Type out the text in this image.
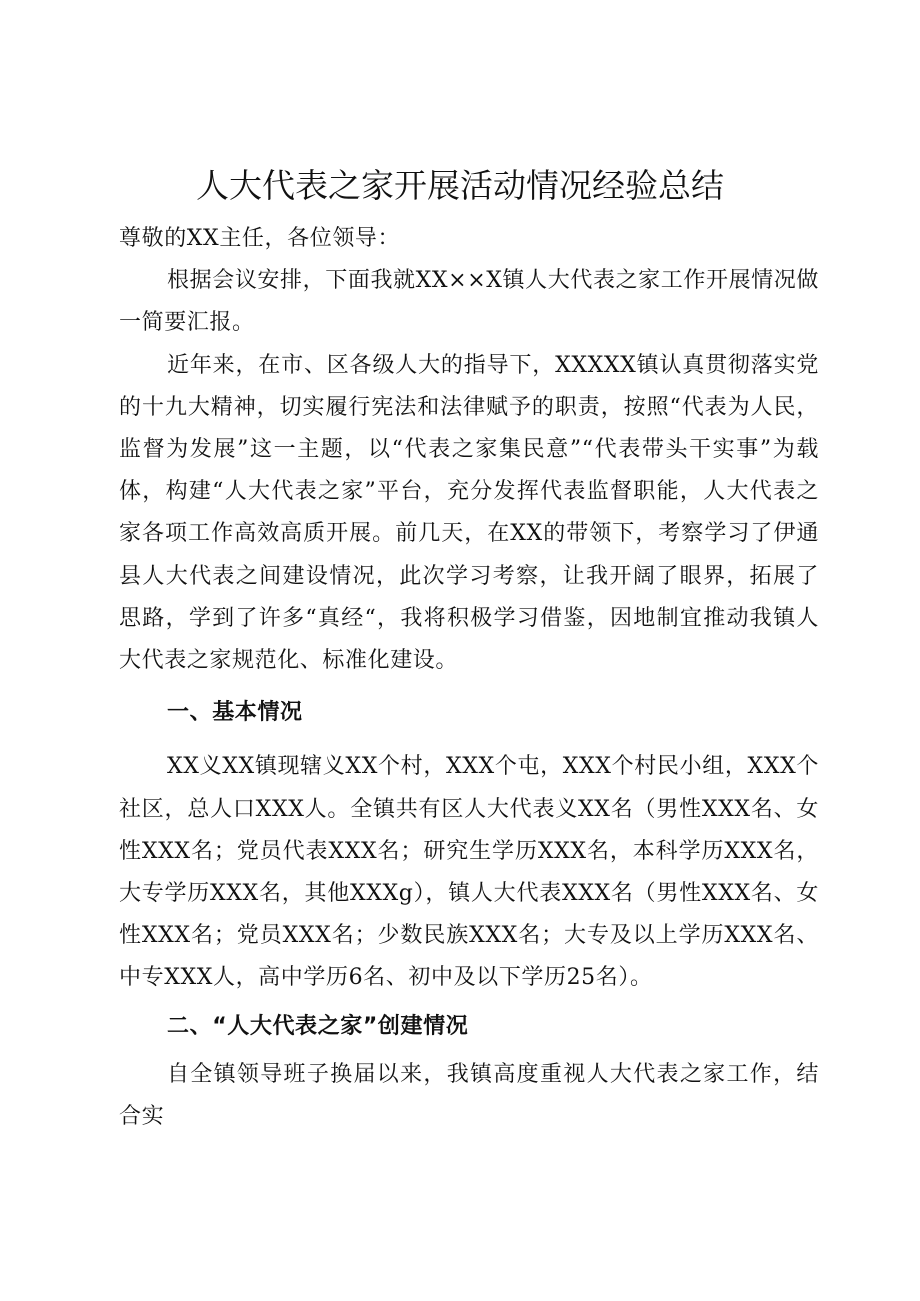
人大代表之家开展活动情况经验总结

尊敬的XX主任，各位领导：

根据会议安排，下面我就XX××X镇人大代表之家工作开展情况做一简要汇报。

近年来，在市、区各级人大的指导下，XXXXX镇认真贯彻落实党的十九大精神，切实履行宪法和法律赋予的职责，按照“代表为人民，监督为发展”这一主题，以“代表之家集民意”“代表带头干实事”为载体，构建“人大代表之家”平台，充分发挥代表监督职能，人大代表之家各项工作高效高质开展。前几天，在XX的带领下，考察学习了伊通县人大代表之间建设情况，此次学习考察，让我开阔了眼界，拓展了思路，学到了许多“真经“，我将积极学习借鉴，因地制宜推动我镇人大代表之家规范化、标准化建设。

一、基本情况

XX义XX镇现辖义XX个村，XXX个屯，XXX个村民小组，XXX个社区，总人口XXX人。全镇共有区人大代表义XX名（男性XXX名、女性XXX名；党员代表XXX名；研究生学历XXX名，本科学历XXX名，大专学历XXX名，其他XXXg），镇人大代表XXX名（男性XXX名、女性XXX名；党员XXX名；少数民族XXX名；大专及以上学历XXX名、中专XXX人，高中学历6名、初中及以下学历25名）。

二、“人大代表之家”创建情况

自全镇领导班子换届以来，我镇高度重视人大代表之家工作，结合实
